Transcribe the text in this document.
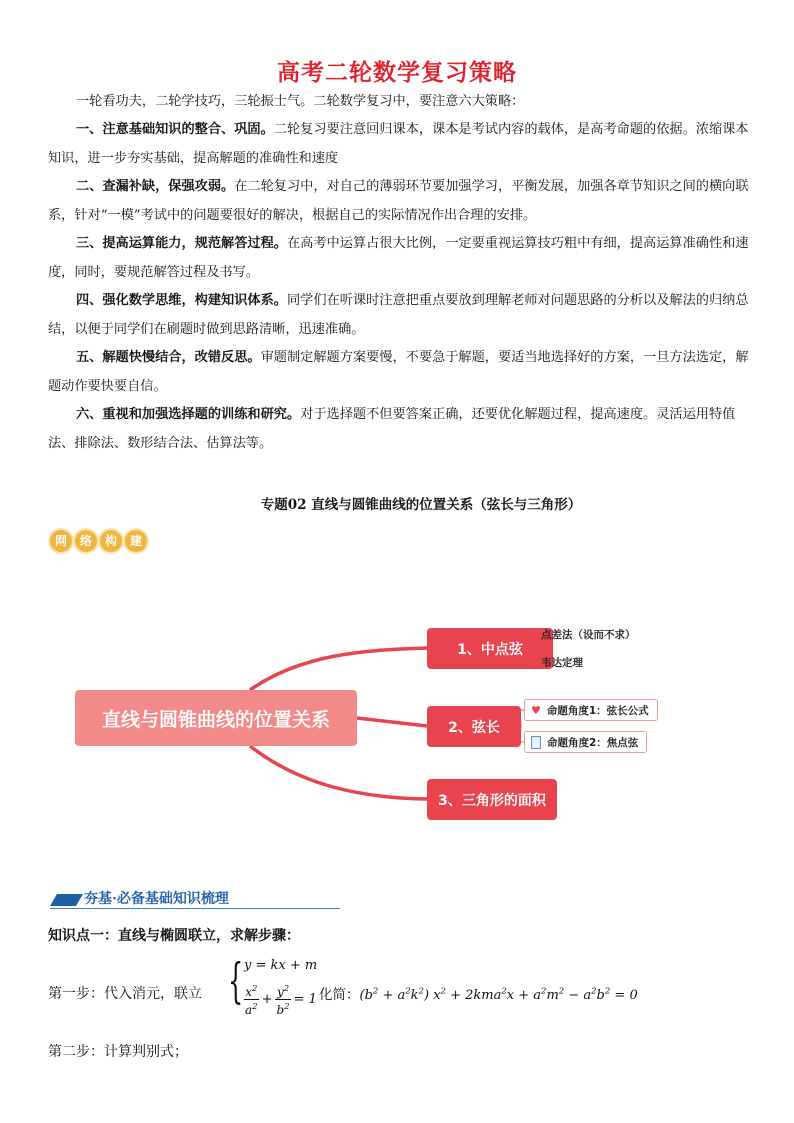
高考二轮数学复习策略

一轮看功夫，二轮学技巧，三轮振士气。二轮数学复习中，要注意六大策略：

一、注意基础知识的整合、巩固。二轮复习要注意回归课本，课本是考试内容的载体，是高考命题的依据。浓缩课本知识，进一步夯实基础，提高解题的准确性和速度

二、查漏补缺，保强攻弱。在二轮复习中，对自己的薄弱环节要加强学习，平衡发展，加强各章节知识之间的横向联系，针对“一模”考试中的问题要很好的解决，根据自己的实际情况作出合理的安排。

三、提高运算能力，规范解答过程。在高考中运算占很大比例，一定要重视运算技巧粗中有细，提高运算准确性和速度，同时，要规范解答过程及书写。

四、强化数学思维，构建知识体系。同学们在听课时注意把重点要放到理解老师对问题思路的分析以及解法的归纳总结，以便于同学们在刷题时做到思路清晰，迅速准确。

五、解题快慢结合，改错反思。审题制定解题方案要慢，不要急于解题，要适当地选择好的方案，一旦方法选定，解题动作要快要自信。

六、重视和加强选择题的训练和研究。对于选择题不但要答案正确，还要优化解题过程，提高速度。灵活运用特值法、排除法、数形结合法、估算法等。

专题02 直线与圆锥曲线的位置关系（弦长与三角形）
网	络	构	建
直线与圆锥曲线的位置关系
1、中点弦
2、弦长
3、三角形的面积
点差法（设而不求）
韦达定理
♥ 命题角度1：弦长公式
命题角度2：焦点弦
夯基·必备基础知识梳理
知识点一：直线与椭圆联立，求解步骤：
第一步：代入消元，联立 { y = kx + m
$\frac{x^2}{a^2} + \frac{y^2}{b^2} = 1$ 化简：$(b^2 + a^2k^2) x^2 + 2kma^2x + a^2m^2 - a^2b^2 = 0$
第二步：计算判别式；
